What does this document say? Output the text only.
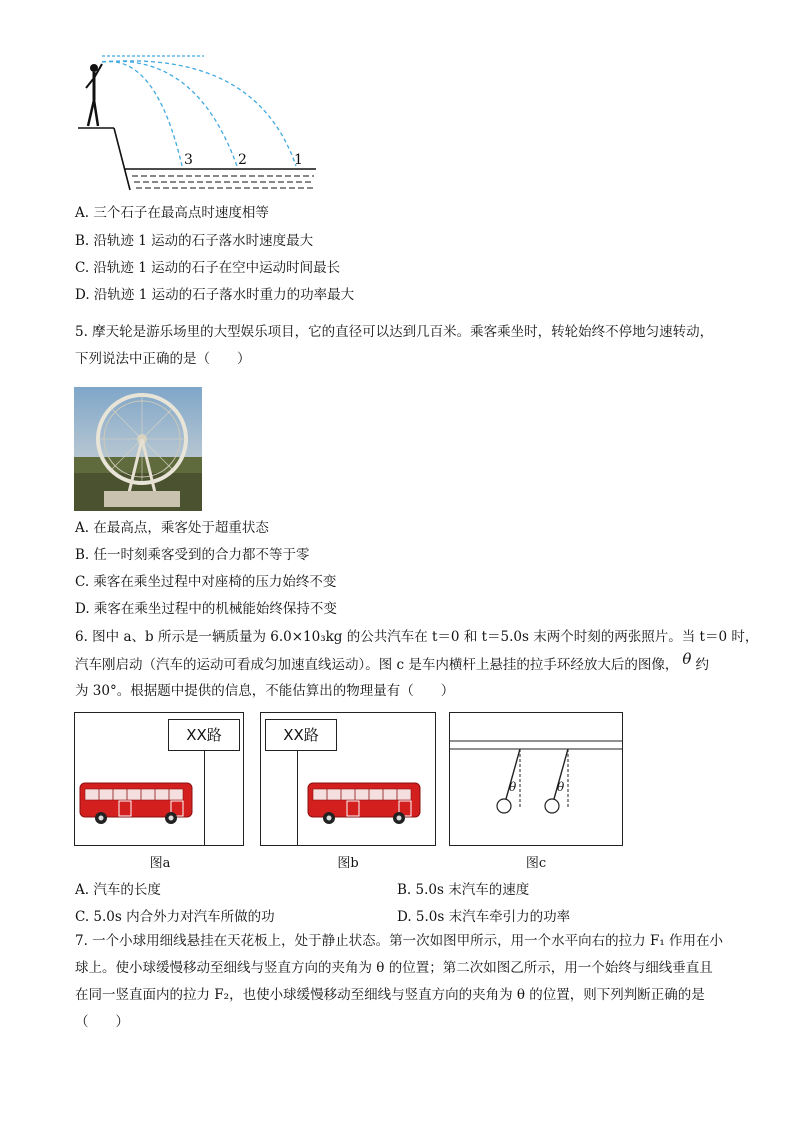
3	2	1
A. 三个石子在最高点时速度相等
B. 沿轨迹 1 运动的石子落水时速度最大
C. 沿轨迹 1 运动的石子在空中运动时间最长
D. 沿轨迹 1 运动的石子落水时重力的功率最大
5. 摩天轮是游乐场里的大型娱乐项目，它的直径可以达到几百米。乘客乘坐时，转轮始终不停地匀速转动，
下列说法中正确的是（　　）
A. 在最高点，乘客处于超重状态
B. 任一时刻乘客受到的合力都不等于零
C. 乘客在乘坐过程中对座椅的压力始终不变
D. 乘客在乘坐过程中的机械能始终保持不变
6. 图中 a、b 所示是一辆质量为 6.0×10₃kg 的公共汽车在 t＝0 和 t＝5.0s 末两个时刻的两张照片。当 t＝0 时，
汽车刚启动（汽车的运动可看成匀加速直线运动）。图 c 是车内横杆上悬挂的拉手环经放大后的图像， θ 约
为 30°。根据题中提供的信息，不能估算出的物理量有（　　）
XX路	XX路
θ	θ
图a	图b	图c
A. 汽车的长度	B. 5.0s 末汽车的速度
C. 5.0s 内合外力对汽车所做的功	D. 5.0s 末汽车牵引力的功率
7. 一个小球用细线悬挂在天花板上，处于静止状态。第一次如图甲所示，用一个水平向右的拉力 F₁ 作用在小球上。使小球缓慢移动至细线与竖直方向的夹角为 θ 的位置；第二次如图乙所示，用一个始终与细线垂直且在同一竖直面内的拉力 F₂，也使小球缓慢移动至细线与竖直方向的夹角为 θ 的位置，则下列判断正确的是（　　）
